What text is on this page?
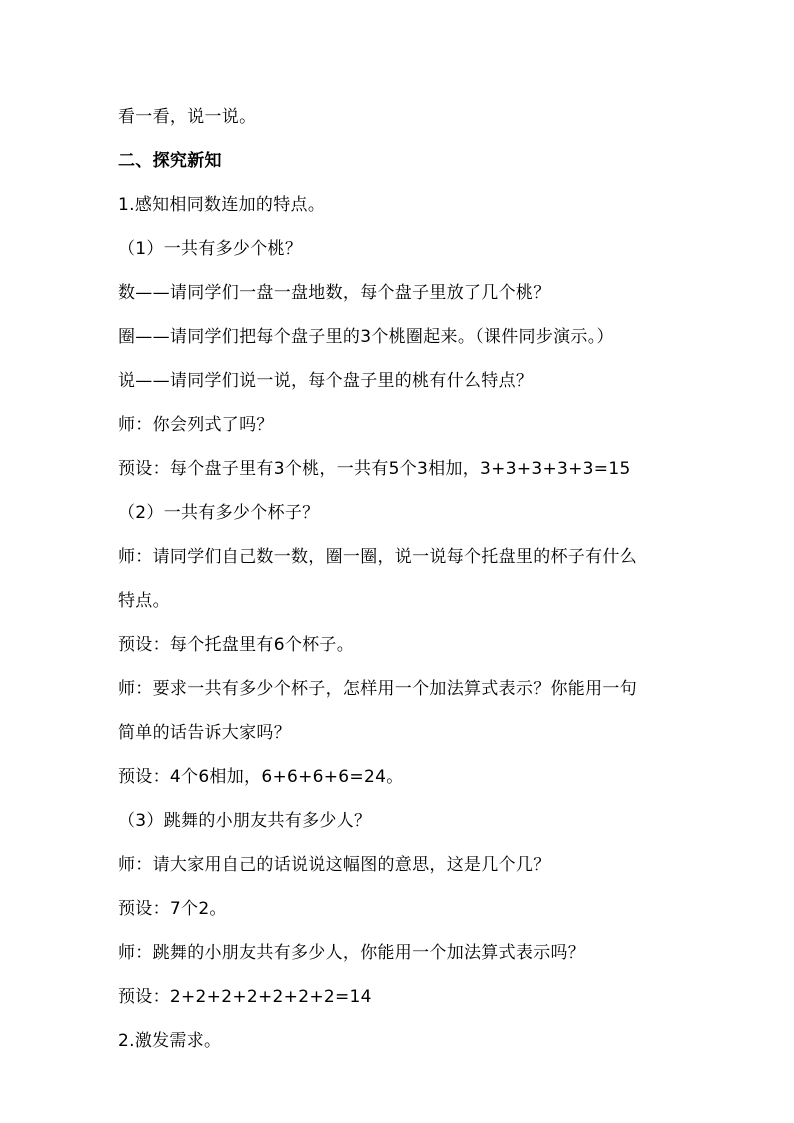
看一看，说一说。
二、探究新知
1.感知相同数连加的特点。
（1）一共有多少个桃？
数——请同学们一盘一盘地数，每个盘子里放了几个桃？
圈——请同学们把每个盘子里的3个桃圈起来。（课件同步演示。）
说——请同学们说一说，每个盘子里的桃有什么特点？
师：你会列式了吗？
预设：每个盘子里有3个桃，一共有5个3相加，3+3+3+3+3=15
（2）一共有多少个杯子？
师：请同学们自己数一数，圈一圈，说一说每个托盘里的杯子有什么
特点。
预设：每个托盘里有6个杯子。
师：要求一共有多少个杯子，怎样用一个加法算式表示？你能用一句
简单的话告诉大家吗？
预设：4个6相加，6+6+6+6=24。
（3）跳舞的小朋友共有多少人？
师：请大家用自己的话说说这幅图的意思，这是几个几？
预设：7个2。
师：跳舞的小朋友共有多少人，你能用一个加法算式表示吗？
预设：2+2+2+2+2+2+2=14
2.激发需求。
